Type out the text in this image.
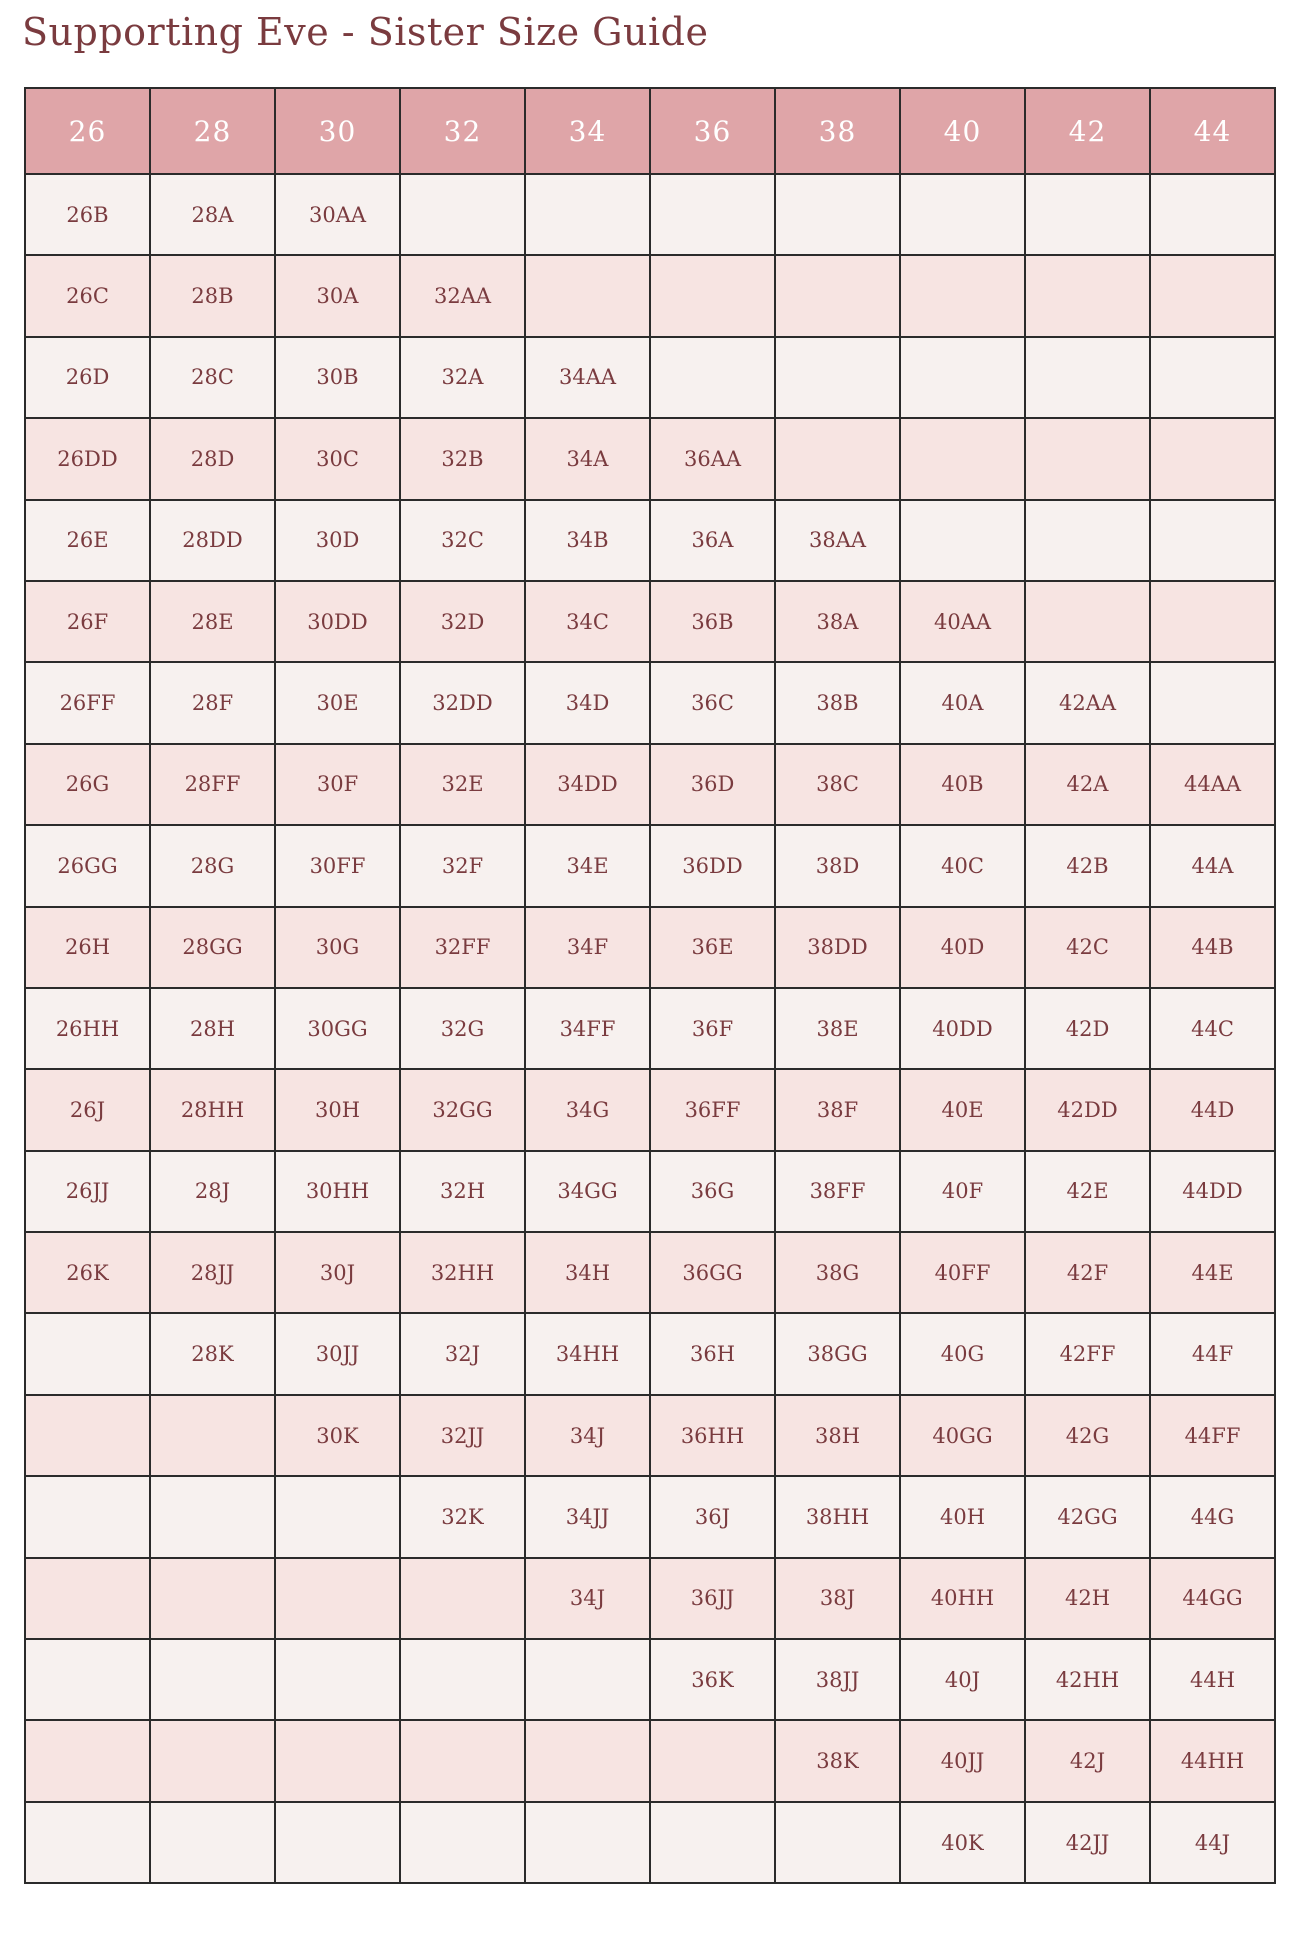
Supporting Eve - Sister Size Guide
26	28	30	32	34	36	38	40	42	44
26B	28A	30AA							
26C	28B	30A	32AA						
26D	28C	30B	32A	34AA					
26DD	28D	30C	32B	34A	36AA				
26E	28DD	30D	32C	34B	36A	38AA			
26F	28E	30DD	32D	34C	36B	38A	40AA		
26FF	28F	30E	32DD	34D	36C	38B	40A	42AA	
26G	28FF	30F	32E	34DD	36D	38C	40B	42A	44AA
26GG	28G	30FF	32F	34E	36DD	38D	40C	42B	44A
26H	28GG	30G	32FF	34F	36E	38DD	40D	42C	44B
26HH	28H	30GG	32G	34FF	36F	38E	40DD	42D	44C
26J	28HH	30H	32GG	34G	36FF	38F	40E	42DD	44D
26JJ	28J	30HH	32H	34GG	36G	38FF	40F	42E	44DD
26K	28JJ	30J	32HH	34H	36GG	38G	40FF	42F	44E
	28K	30JJ	32J	34HH	36H	38GG	40G	42FF	44F
		30K	32JJ	34J	36HH	38H	40GG	42G	44FF
			32K	34JJ	36J	38HH	40H	42GG	44G
				34J	36JJ	38J	40HH	42H	44GG
					36K	38JJ	40J	42HH	44H
						38K	40JJ	42J	44HH
							40K	42JJ	44J
